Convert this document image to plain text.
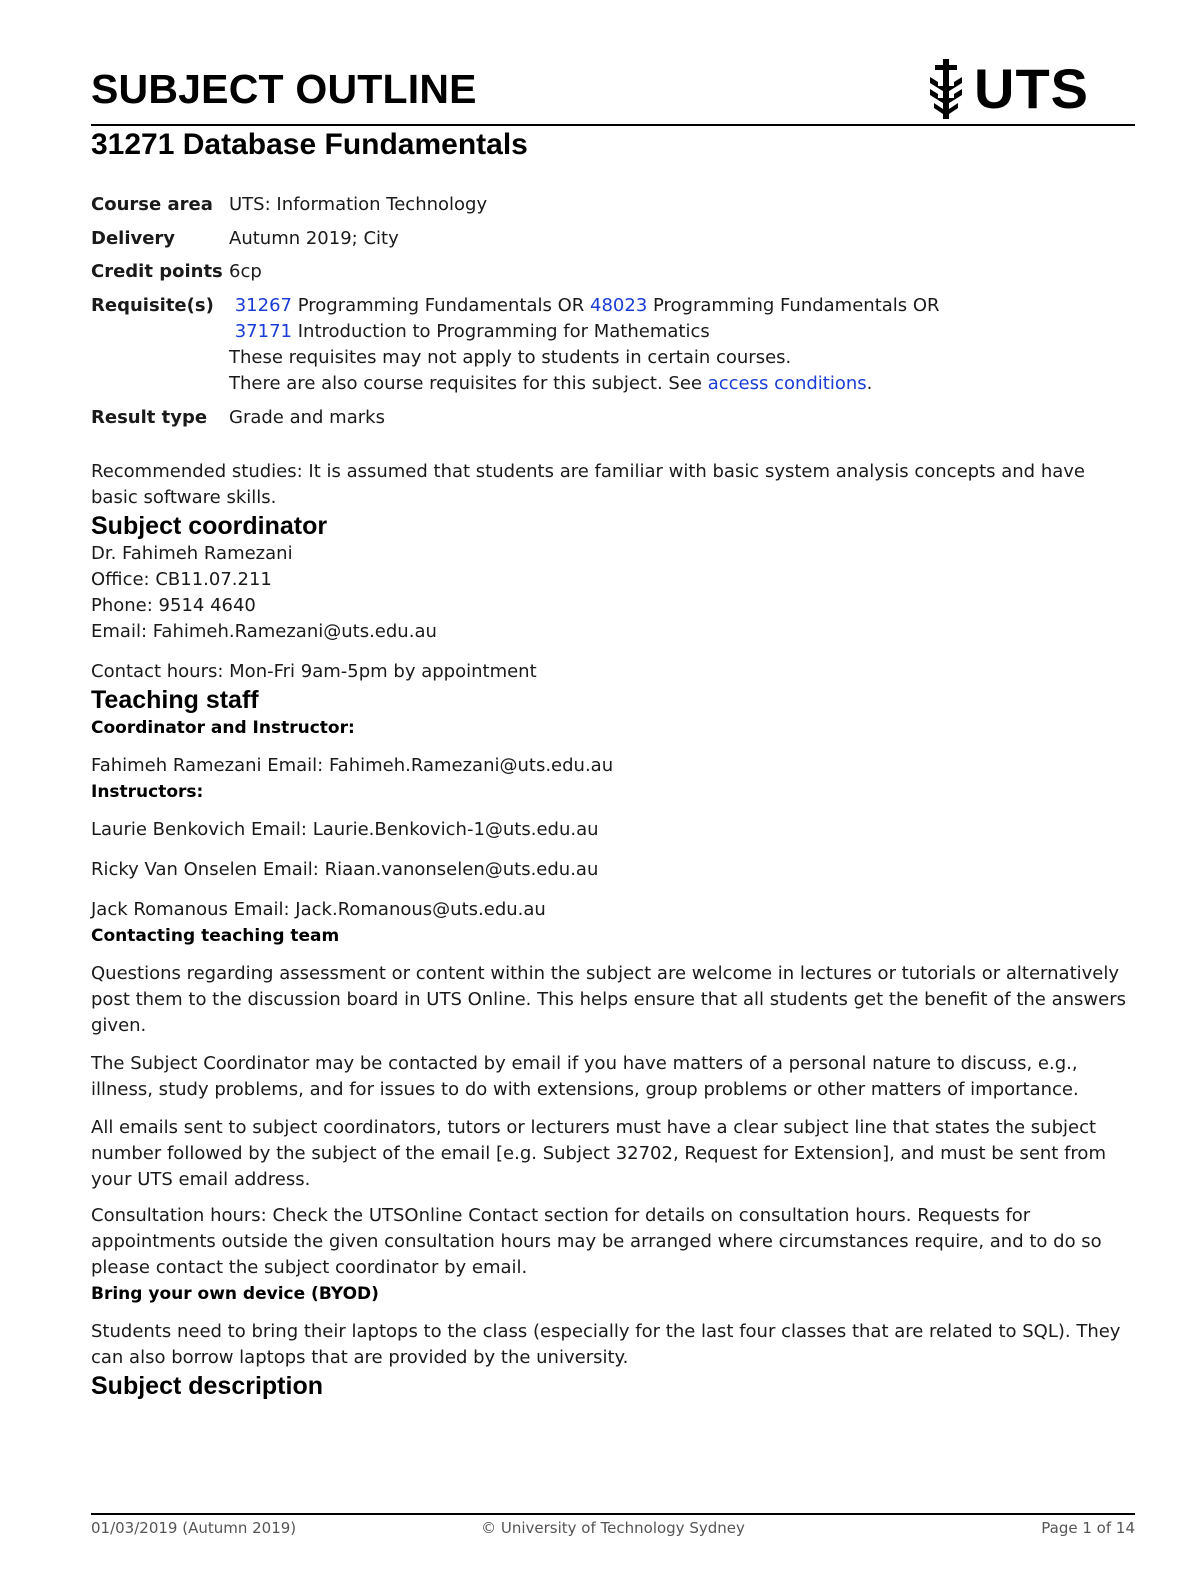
SUBJECT OUTLINE	UTS
31271 Database Fundamentals
Course area	UTS: Information Technology
Delivery	Autumn 2019; City
Credit points	6cp
Requisite(s)	31267 Programming Fundamentals OR 48023 Programming Fundamentals OR
37171 Introduction to Programming for Mathematics
These requisites may not apply to students in certain courses.
There are also course requisites for this subject. See access conditions.

Result type	Grade and marks

Recommended studies: It is assumed that students are familiar with basic system analysis concepts and have basic software skills.

Subject coordinator

Dr. Fahimeh Ramezani

Office: CB11.07.211

Phone: 9514 4640

Email: Fahimeh.Ramezani@uts.edu.au

Contact hours: Mon-Fri 9am-5pm by appointment

Teaching staff
Coordinator and Instructor:

Fahimeh Ramezani Email: Fahimeh.Ramezani@uts.edu.au

Instructors:

Laurie Benkovich Email: Laurie.Benkovich-1@uts.edu.au

Ricky Van Onselen Email: Riaan.vanonselen@uts.edu.au

Jack Romanous Email: Jack.Romanous@uts.edu.au

Contacting teaching team

Questions regarding assessment or content within the subject are welcome in lectures or tutorials or alternatively post them to the discussion board in UTS Online. This helps ensure that all students get the benefit of the answers given.

The Subject Coordinator may be contacted by email if you have matters of a personal nature to discuss, e.g., illness, study problems, and for issues to do with extensions, group problems or other matters of importance.

All emails sent to subject coordinators, tutors or lecturers must have a clear subject line that states the subject number followed by the subject of the email [e.g. Subject 32702, Request for Extension], and must be sent from your UTS email address.

Consultation hours: Check the UTSOnline Contact section for details on consultation hours. Requests for appointments outside the given consultation hours may be arranged where circumstances require, and to do so please contact the subject coordinator by email.

Bring your own device (BYOD)

Students need to bring their laptops to the class (especially for the last four classes that are related to SQL). They can also borrow laptops that are provided by the university.

Subject description
01/03/2019 (Autumn 2019)	© University of Technology Sydney	Page 1 of 14
